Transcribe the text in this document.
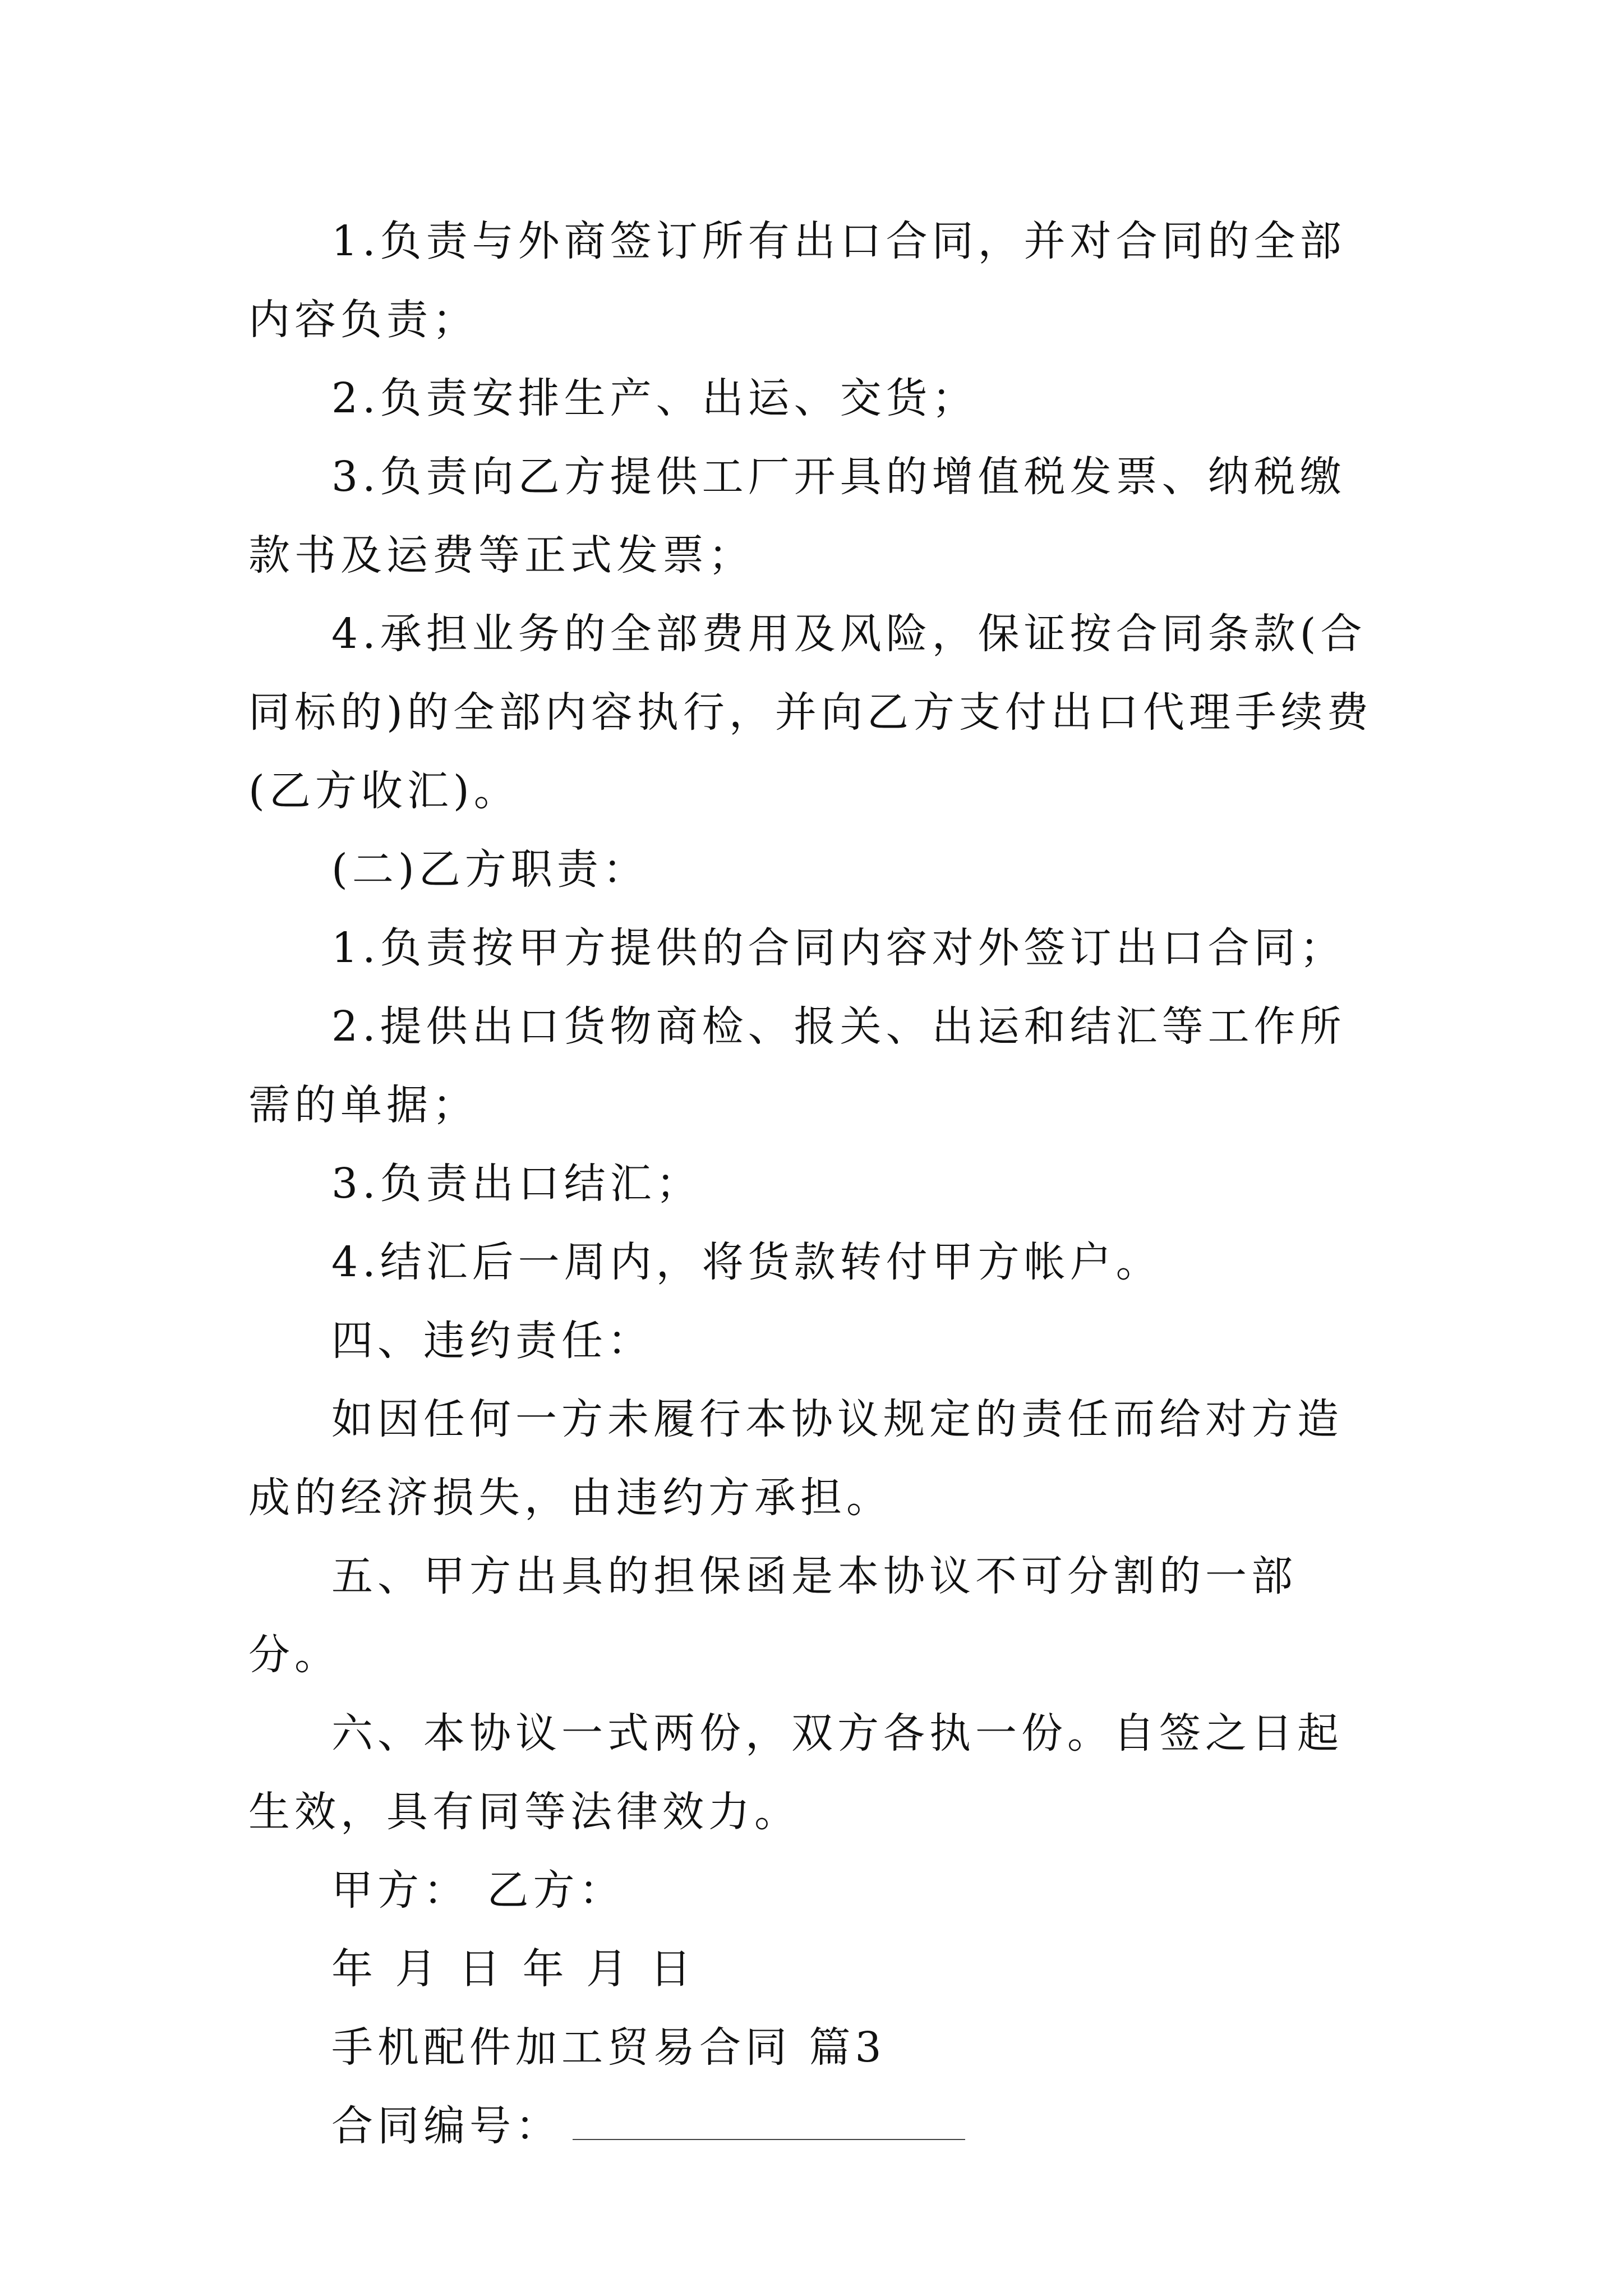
1.负责与外商签订所有出口合同，并对合同的全部内容负责；

2.负责安排生产、出运、交货；

3.负责向乙方提供工厂开具的增值税发票、纳税缴款书及运费等正式发票；

4.承担业务的全部费用及风险，保证按合同条款(合同标的)的全部内容执行，并向乙方支付出口代理手续费(乙方收汇)。

(二)乙方职责：

1.负责按甲方提供的合同内容对外签订出口合同；

2.提供出口货物商检、报关、出运和结汇等工作所需的单据；

3.负责出口结汇；

4.结汇后一周内，将货款转付甲方帐户。

四、违约责任：

如因任何一方未履行本协议规定的责任而给对方造成的经济损失，由违约方承担。

五、甲方出具的担保函是本协议不可分割的一部分。

六、本协议一式两份，双方各执一份。自签之日起生效，具有同等法律效力。

甲方： 乙方：

年 月 日 年 月 日

手机配件加工贸易合同 篇3

合同编号：
